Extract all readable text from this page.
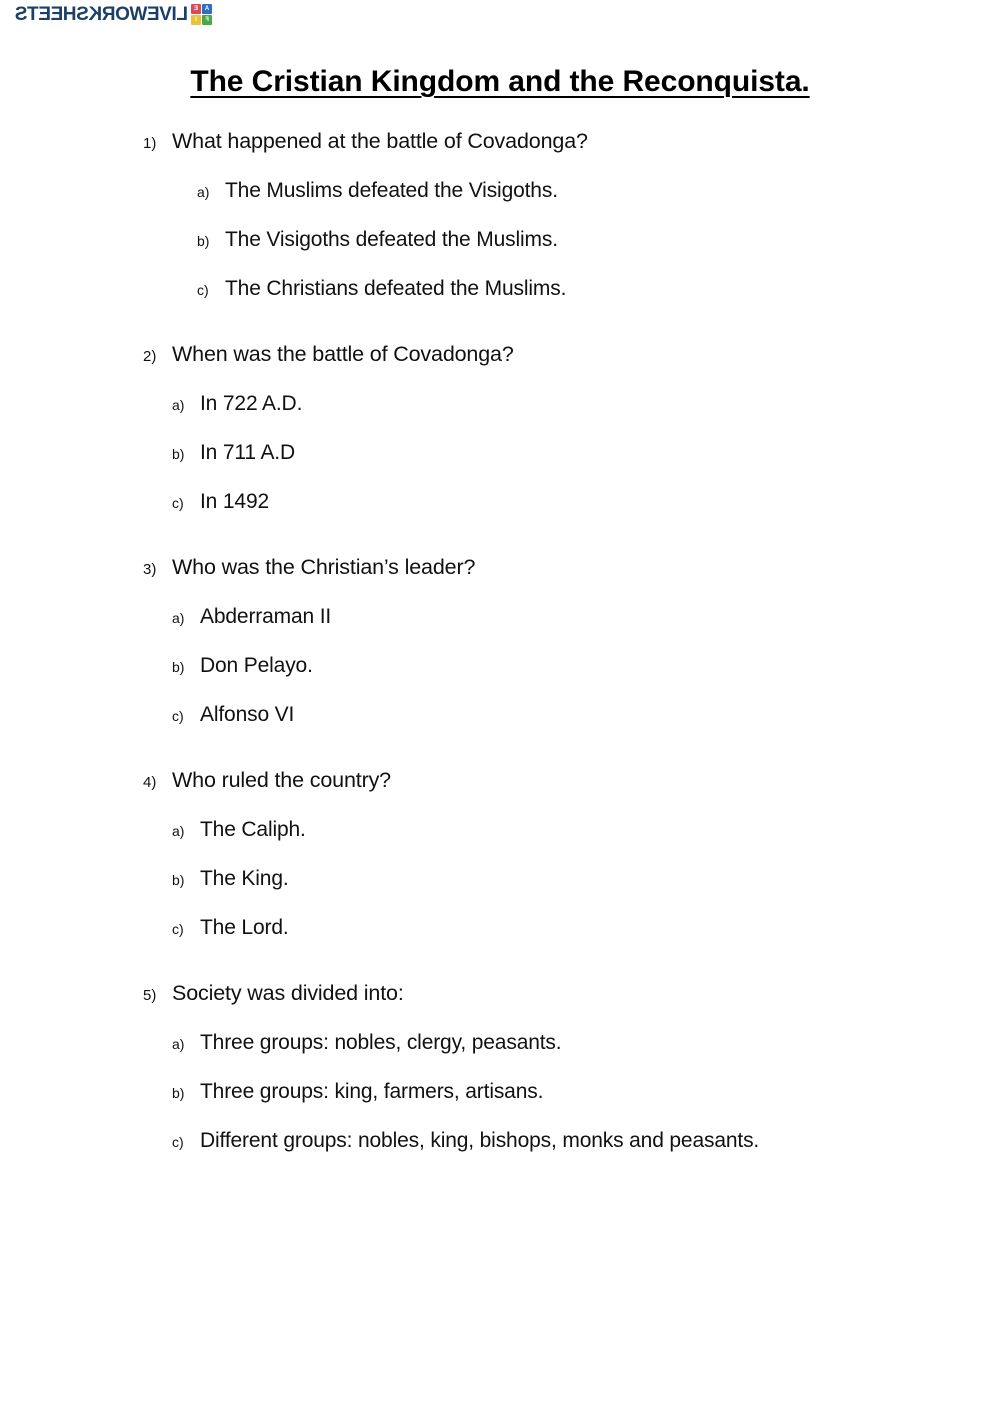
A
E
F
I
LIVEWORKSHEETS
The Cristian Kingdom and the Reconquista.
1) What happened at the battle of Covadonga?
a) The Muslims defeated the Visigoths.
b) The Visigoths defeated the Muslims.
c) The Christians defeated the Muslims.
2) When was the battle of Covadonga?
a) In 722 A.D.
b) In 711 A.D
c) In 1492
3) Who was the Christian’s leader?
a) Abderraman II
b) Don Pelayo.
c) Alfonso VI
4) Who ruled the country?
a) The Caliph.
b) The King.
c) The Lord.
5) Society was divided into:
a) Three groups: nobles, clergy, peasants.
b) Three groups: king, farmers, artisans.
c) Different groups: nobles, king, bishops, monks and peasants.
